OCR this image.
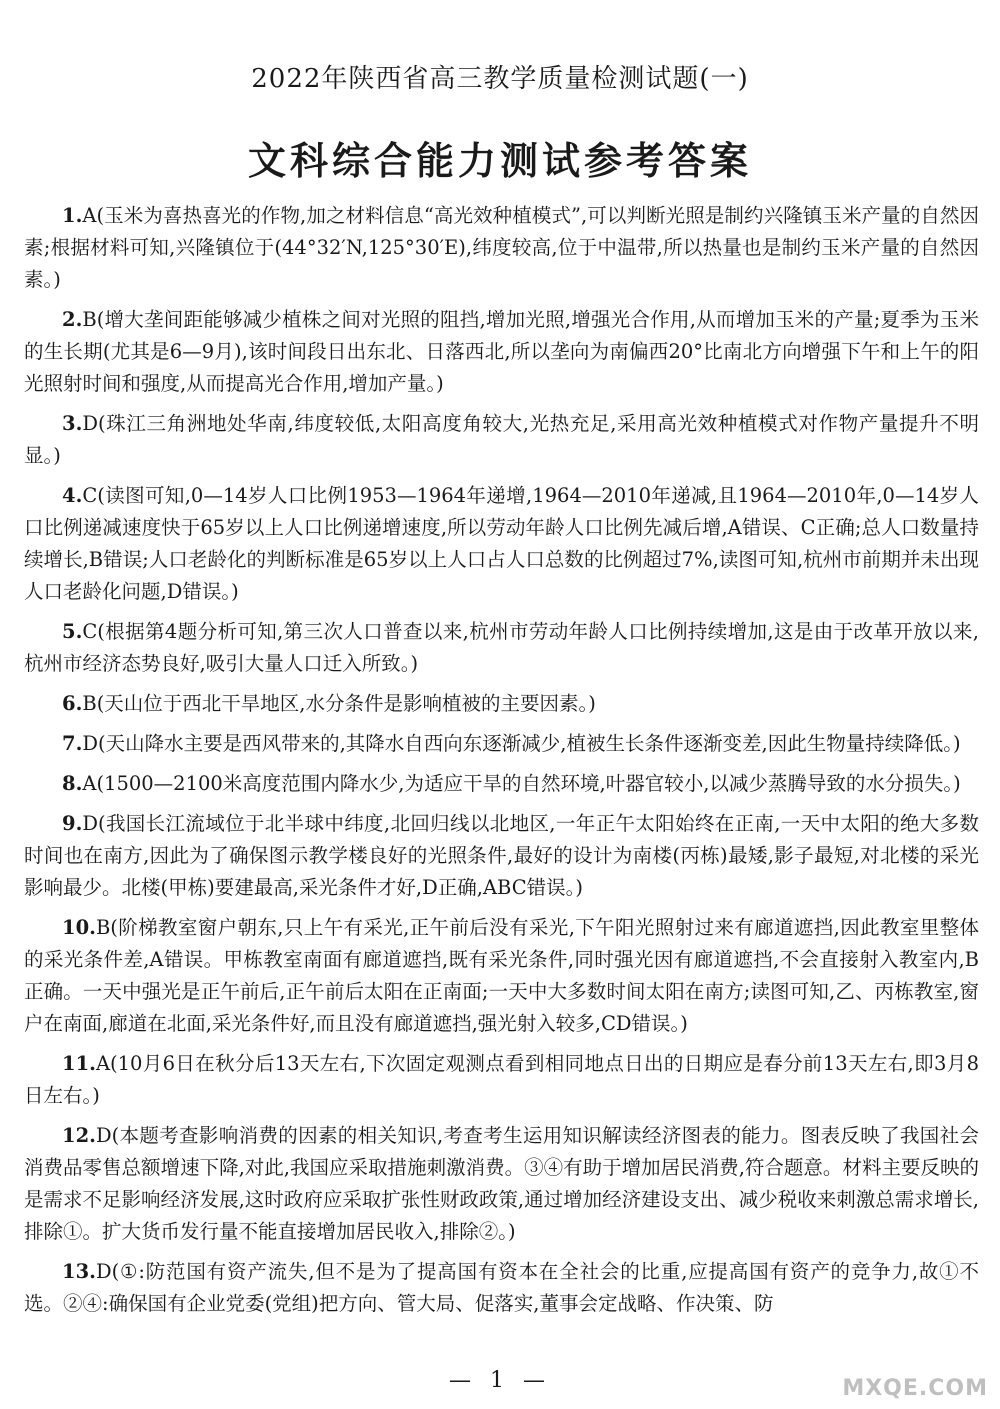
2022年陕西省高三教学质量检测试题(一)
文科综合能力测试参考答案

1.A(玉米为喜热喜光的作物,加之材料信息“高光效种植模式”,可以判断光照是制约兴隆镇玉米产量的自然因素;根据材料可知,兴隆镇位于(44°32′N,125°30′E),纬度较高,位于中温带,所以热量也是制约玉米产量的自然因素。)

2.B(增大垄间距能够减少植株之间对光照的阻挡,增加光照,增强光合作用,从而增加玉米的产量;夏季为玉米的生长期(尤其是6—9月),该时间段日出东北、日落西北,所以垄向为南偏西20°比南北方向增强下午和上午的阳光照射时间和强度,从而提高光合作用,增加产量。)

3.D(珠江三角洲地处华南,纬度较低,太阳高度角较大,光热充足,采用高光效种植模式对作物产量提升不明显。)

4.C(读图可知,0—14岁人口比例1953—1964年递增,1964—2010年递减,且1964—2010年,0—14岁人口比例递减速度快于65岁以上人口比例递增速度,所以劳动年龄人口比例先减后增,A错误、C正确;总人口数量持续增长,B错误;人口老龄化的判断标准是65岁以上人口占人口总数的比例超过7%,读图可知,杭州市前期并未出现人口老龄化问题,D错误。)

5.C(根据第4题分析可知,第三次人口普查以来,杭州市劳动年龄人口比例持续增加,这是由于改革开放以来,杭州市经济态势良好,吸引大量人口迁入所致。)

6.B(天山位于西北干旱地区,水分条件是影响植被的主要因素。)

7.D(天山降水主要是西风带来的,其降水自西向东逐渐减少,植被生长条件逐渐变差,因此生物量持续降低。)

8.A(1500—2100米高度范围内降水少,为适应干旱的自然环境,叶器官较小,以减少蒸腾导致的水分损失。)

9.D(我国长江流域位于北半球中纬度,北回归线以北地区,一年正午太阳始终在正南,一天中太阳的绝大多数时间也在南方,因此为了确保图示教学楼良好的光照条件,最好的设计为南楼(丙栋)最矮,影子最短,对北楼的采光影响最少。北楼(甲栋)要建最高,采光条件才好,D正确,ABC错误。)

10.B(阶梯教室窗户朝东,只上午有采光,正午前后没有采光,下午阳光照射过来有廊道遮挡,因此教室里整体的采光条件差,A错误。甲栋教室南面有廊道遮挡,既有采光条件,同时强光因有廊道遮挡,不会直接射入教室内,B正确。一天中强光是正午前后,正午前后太阳在正南面;一天中大多数时间太阳在南方;读图可知,乙、丙栋教室,窗户在南面,廊道在北面,采光条件好,而且没有廊道遮挡,强光射入较多,CD错误。)

11.A(10月6日在秋分后13天左右,下次固定观测点看到相同地点日出的日期应是春分前13天左右,即3月8日左右。)

12.D(本题考查影响消费的因素的相关知识,考查考生运用知识解读经济图表的能力。图表反映了我国社会消费品零售总额增速下降,对此,我国应采取措施刺激消费。③④有助于增加居民消费,符合题意。材料主要反映的是需求不足影响经济发展,这时政府应采取扩张性财政政策,通过增加经济建设支出、减少税收来刺激总需求增长,排除①。扩大货币发行量不能直接增加居民收入,排除②。)

13.D(①:防范国有资产流失,但不是为了提高国有资本在全社会的比重,应提高国有资产的竞争力,故①不选。②④:确保国有企业党委(党组)把方向、管大局、促落实,董事会定战略、作决策、防

— 1 —	MXQE.COM
